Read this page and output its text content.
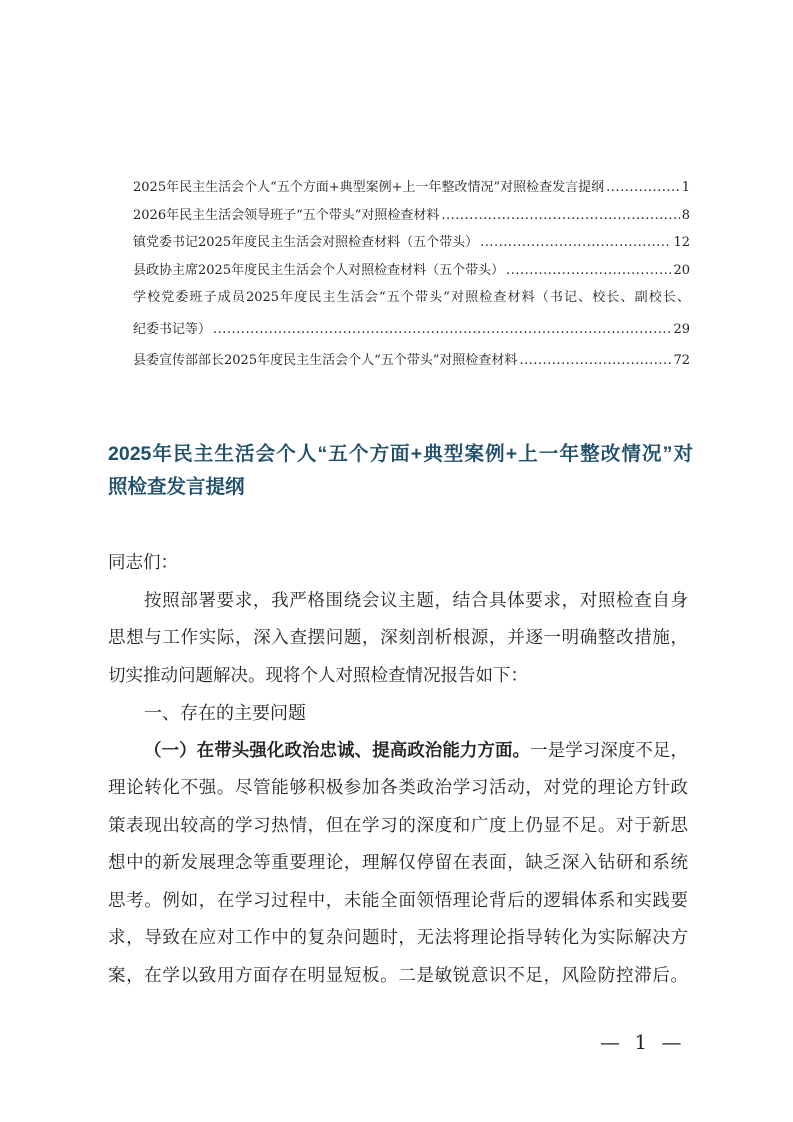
2025年民主生活会个人“五个方面+典型案例+上一年整改情况”对照检查发言提纲 .....	1
2026年民主生活会领导班子“五个带头”对照检查材料 .....	8
镇党委书记2025年度民主生活会对照检查材料（五个带头） .....	12
县政协主席2025年度民主生活会个人对照检查材料（五个带头） .....	20
学校党委班子成员2025年度民主生活会“五个带头”对照检查材料（书记、校长、副校长、
纪委书记等） .....	29
县委宣传部部长2025年度民主生活会个人“五个带头”对照检查材料 .....	72
2025年民主生活会个人“五个方面+典型案例+上一年整改情况”对
照检查发言提纲
同志们：
按照部署要求，我严格围绕会议主题，结合具体要求，对照检查自身
思想与工作实际，深入查摆问题，深刻剖析根源，并逐一明确整改措施，
切实推动问题解决。现将个人对照检查情况报告如下：
一、存在的主要问题
（一）在带头强化政治忠诚、提高政治能力方面。一是学习深度不足，
理论转化不强。尽管能够积极参加各类政治学习活动，对党的理论方针政
策表现出较高的学习热情，但在学习的深度和广度上仍显不足。对于新思
想中的新发展理念等重要理论，理解仅停留在表面，缺乏深入钻研和系统
思考。例如，在学习过程中，未能全面领悟理论背后的逻辑体系和实践要
求，导致在应对工作中的复杂问题时，无法将理论指导转化为实际解决方
案，在学以致用方面存在明显短板。二是敏锐意识不足，风险防控滞后。
— 1 —
